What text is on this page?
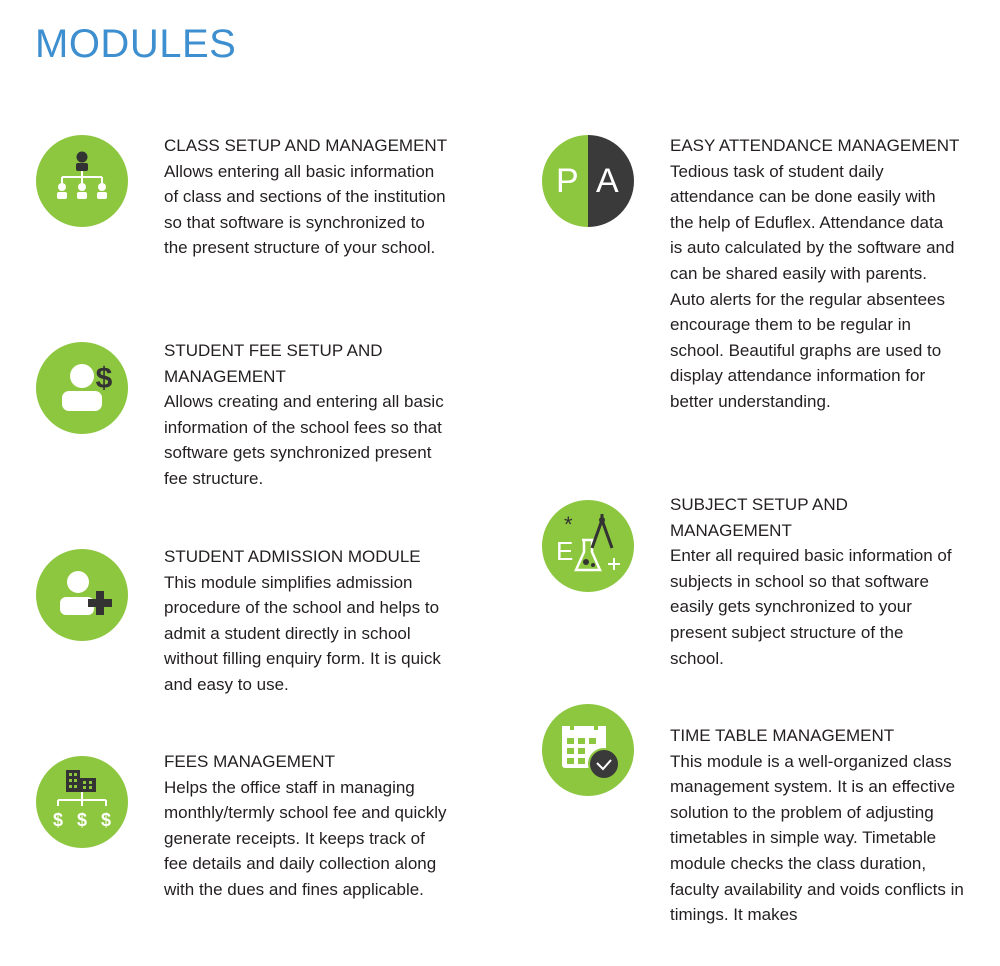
MODULES
CLASS SETUP AND MANAGEMENT
Allows entering all basic information of class and sections of the institution so that software is synchronized to the present structure of your school.
$
STUDENT FEE SETUP AND MANAGEMENT
Allows creating and entering all basic information of the school fees so that software gets synchronized present fee structure.
STUDENT ADMISSION MODULE
This module simplifies admission procedure of the school and helps to admit a student directly in school without filling enquiry form. It is quick and easy to use.
$ $ $
FEES MANAGEMENT
Helps the office staff in managing monthly/termly school fee and quickly generate receipts. It keeps track of fee details and daily collection along with the dues and fines applicable.
P A
EASY ATTENDANCE MANAGEMENT
Tedious task of student daily attendance can be done easily with the help of Eduflex. Attendance data is auto calculated by the software and can be shared easily with parents. Auto alerts for the regular absentees encourage them to be regular in school. Beautiful graphs are used to display attendance information for better understanding.
E
*
SUBJECT SETUP AND MANAGEMENT
Enter all required basic information of subjects in school so that software easily gets synchronized to your present subject structure of the school.
TIME TABLE MANAGEMENT
This module is a well-organized class management system. It is an effective solution to the problem of adjusting timetables in simple way. Timetable module checks the class duration, faculty availability and voids conflicts in timings. It makes
